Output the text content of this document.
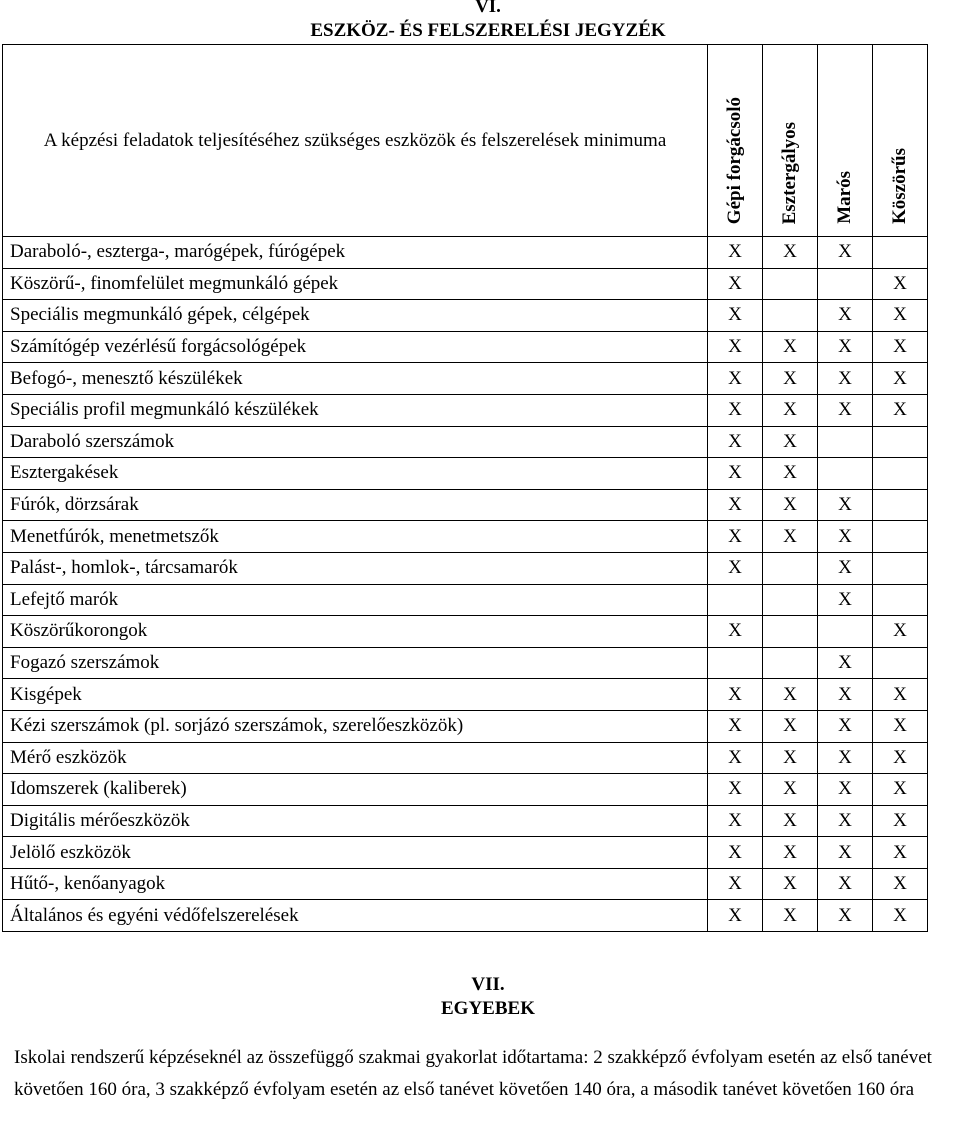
VI.
ESZKÖZ- ÉS FELSZERELÉSI JEGYZÉK
A képzési feladatok teljesítéséhez szükséges eszközök és felszerelések minimuma	Gépi forgácsoló	Esztergályos	Marós	Köszörűs
Daraboló-, eszterga-, marógépek, fúrógépek	X	X	X	
Köszörű-, finomfelület megmunkáló gépek	X			X
Speciális megmunkáló gépek, célgépek	X		X	X
Számítógép vezérlésű forgácsológépek	X	X	X	X
Befogó-, menesztő készülékek	X	X	X	X
Speciális profil megmunkáló készülékek	X	X	X	X
Daraboló szerszámok	X	X		
Esztergakések	X	X		
Fúrók, dörzsárak	X	X	X	
Menetfúrók, menetmetszők	X	X	X	
Palást-, homlok-, tárcsamarók	X		X	
Lefejtő marók			X	
Köszörűkorongok	X			X
Fogazó szerszámok			X	
Kisgépek	X	X	X	X
Kézi szerszámok (pl. sorjázó szerszámok, szerelőeszközök)	X	X	X	X
Mérő eszközök	X	X	X	X
Idomszerek (kaliberek)	X	X	X	X
Digitális mérőeszközök	X	X	X	X
Jelölő eszközök	X	X	X	X
Hűtő-, kenőanyagok	X	X	X	X
Általános és egyéni védőfelszerelések	X	X	X	X
VII.
EGYEBEK
Iskolai rendszerű képzéseknél az összefüggő szakmai gyakorlat időtartama: 2 szakképző évfolyam esetén az első tanévet követően 160 óra, 3 szakképző évfolyam esetén az első tanévet követően 140 óra, a második tanévet követően 160 óra
